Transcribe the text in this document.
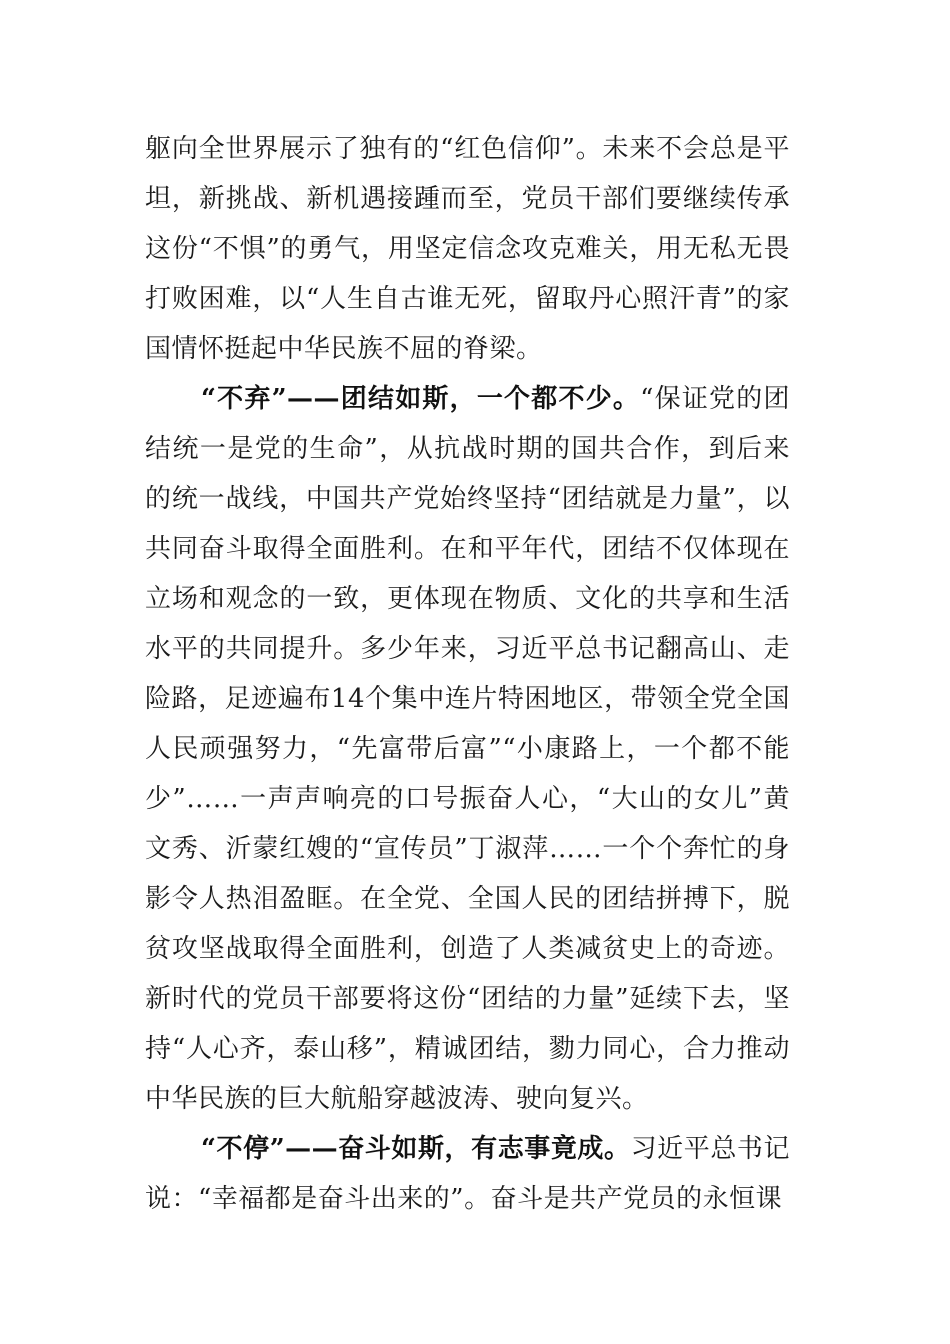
躯向全世界展示了独有的“红色信仰”。未来不会总是平坦，新挑战、新机遇接踵而至，党员干部们要继续传承这份“不惧”的勇气，用坚定信念攻克难关，用无私无畏打败困难，以“人生自古谁无死，留取丹心照汗青”的家国情怀挺起中华民族不屈的脊梁。

“不弃”——团结如斯，一个都不少。“保证党的团结统一是党的生命”，从抗战时期的国共合作，到后来的统一战线，中国共产党始终坚持“团结就是力量”，以共同奋斗取得全面胜利。在和平年代，团结不仅体现在立场和观念的一致，更体现在物质、文化的共享和生活水平的共同提升。多少年来，习近平总书记翻高山、走险路，足迹遍布14个集中连片特困地区，带领全党全国人民顽强努力，“先富带后富”“小康路上，一个都不能少”……一声声响亮的口号振奋人心，“大山的女儿”黄文秀、沂蒙红嫂的“宣传员”丁淑萍……一个个奔忙的身影令人热泪盈眶。在全党、全国人民的团结拼搏下，脱贫攻坚战取得全面胜利，创造了人类减贫史上的奇迹。新时代的党员干部要将这份“团结的力量”延续下去，坚持“人心齐，泰山移”，精诚团结，勠力同心，合力推动中华民族的巨大航船穿越波涛、驶向复兴。

“不停”——奋斗如斯，有志事竟成。习近平总书记说：“幸福都是奋斗出来的”。奋斗是共产党员的永恒课
